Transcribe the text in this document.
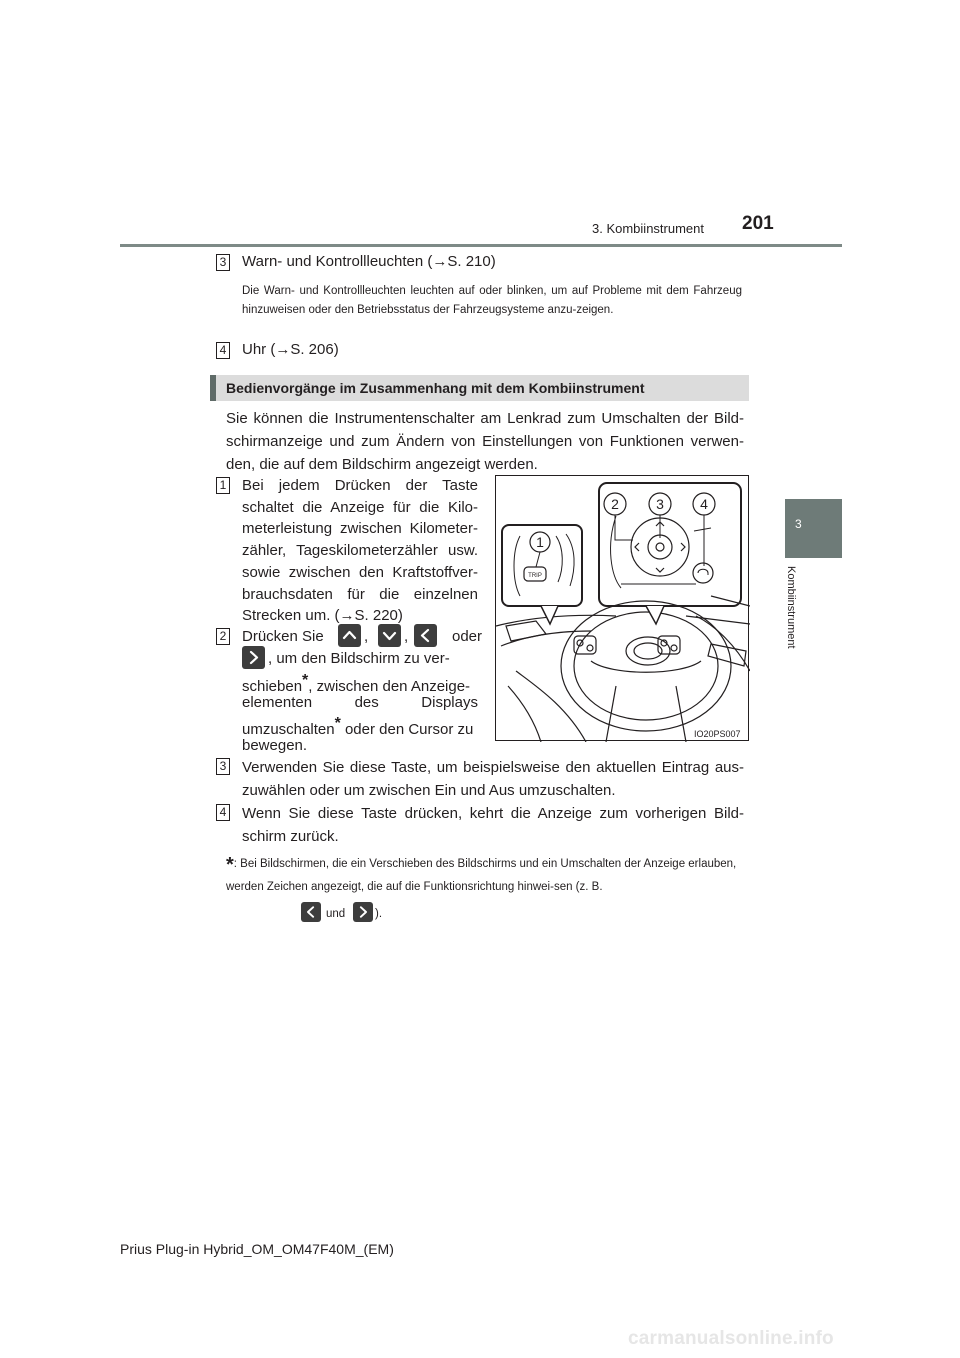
3. Kombiinstrument 201
3
Kombiinstrument
3 Warn- und Kontrollleuchten (→S. 210)
Die Warn- und Kontrollleuchten leuchten auf oder blinken, um auf Probleme mit dem Fahrzeug hinzuweisen oder den Betriebsstatus der Fahrzeugsysteme anzu-zeigen.
4 Uhr (→S. 206)
Bedienvorgänge im Zusammenhang mit dem Kombiinstrument
Sie können die Instrumentenschalter am Lenkrad zum Umschalten der Bild-schirmanzeige und zum Ändern von Einstellungen von Funktionen verwen-den, die auf dem Bildschirm angezeigt werden.
1 Bei jedem Drücken der Taste schaltet die Anzeige für die Kilo-meterleistung zwischen Kilometer-zähler, Tageskilometerzähler usw. sowie zwischen den Kraftstoffver-brauchsdaten für die einzelnen Strecken um. (→S. 220)
2 Drücken Sie	, ,	oder
, um den Bildschirm zu ver-
schieben*, zwischen den Anzeige-
elementen des Displays
umzuschalten* oder den Cursor zu
bewegen.
1
TRIP
2	3	4
IO20PS007
3 Verwenden Sie diese Taste, um beispielsweise den aktuellen Eintrag aus-zuwählen oder um zwischen Ein und Aus umzuschalten.
4 Wenn Sie diese Taste drücken, kehrt die Anzeige zum vorherigen Bild-schirm zurück.
*: Bei Bildschirmen, die ein Verschieben des Bildschirms und ein Umschalten der Anzeige erlauben, werden Zeichen angezeigt, die auf die Funktionsrichtung hinwei-sen (z. B.
und	).
Prius Plug-in Hybrid_OM_OM47F40M_(EM)
carmanualsonline.info
